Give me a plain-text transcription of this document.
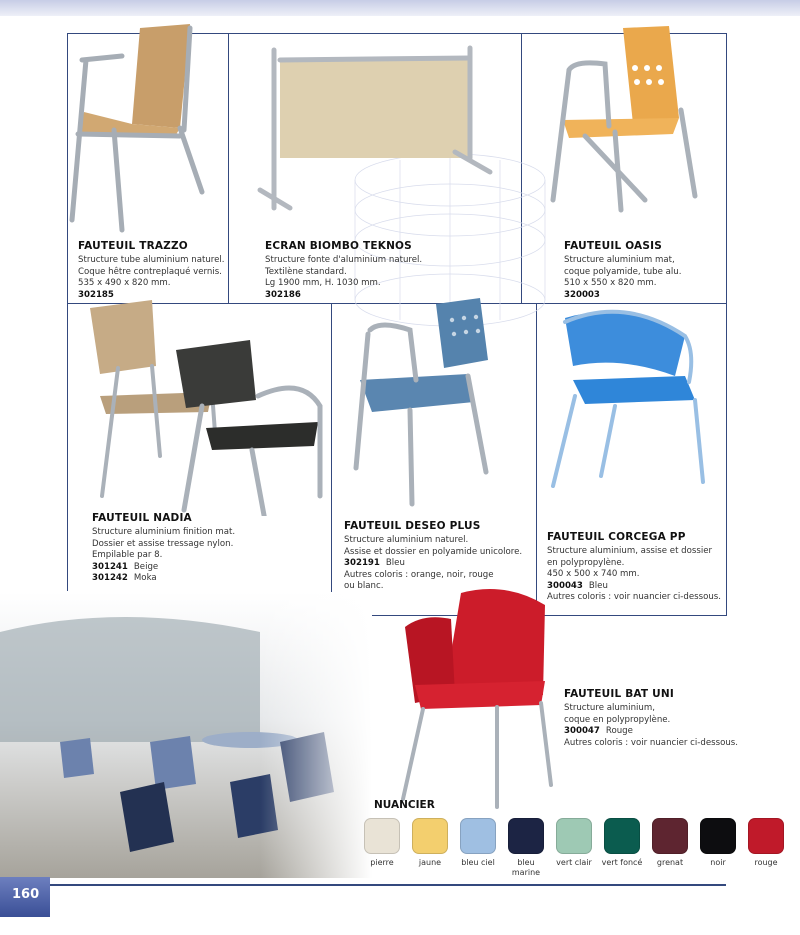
FAUTEUIL TRAZZO
Structure tube aluminium naturel.
Coque hêtre contreplaqué vernis.
535 x 490 x 820 mm.
302185
ECRAN BIOMBO TEKNOS
Structure fonte d'aluminium naturel.
Textilène standard.
Lg 1900 mm, H. 1030 mm.
302186
FAUTEUIL OASIS
Structure aluminium mat,
coque polyamide, tube alu.
510 x 550 x 820 mm.
320003
FAUTEUIL NADIA
Structure aluminium finition mat.
Dossier et assise tressage nylon.
Empilable par 8.
301241 Beige
301242 Moka
FAUTEUIL DESEO PLUS
Structure aluminium naturel.
Assise et dossier en polyamide unicolore.
302191 Bleu
Autres coloris : orange, noir, rouge
ou blanc.
FAUTEUIL CORCEGA PP
Structure aluminium, assise et dossier
en polypropylène.
450 x 500 x 740 mm.
300043 Bleu
Autres coloris : voir nuancier ci-dessous.
FAUTEUIL BAT UNI
Structure aluminium,
coque en polypropylène.
300047 Rouge
Autres coloris : voir nuancier ci-dessous.
NUANCIER
pierre	jaune	bleu ciel	bleu marine
vert clair	vert foncé	grenat	noir	rouge
160
